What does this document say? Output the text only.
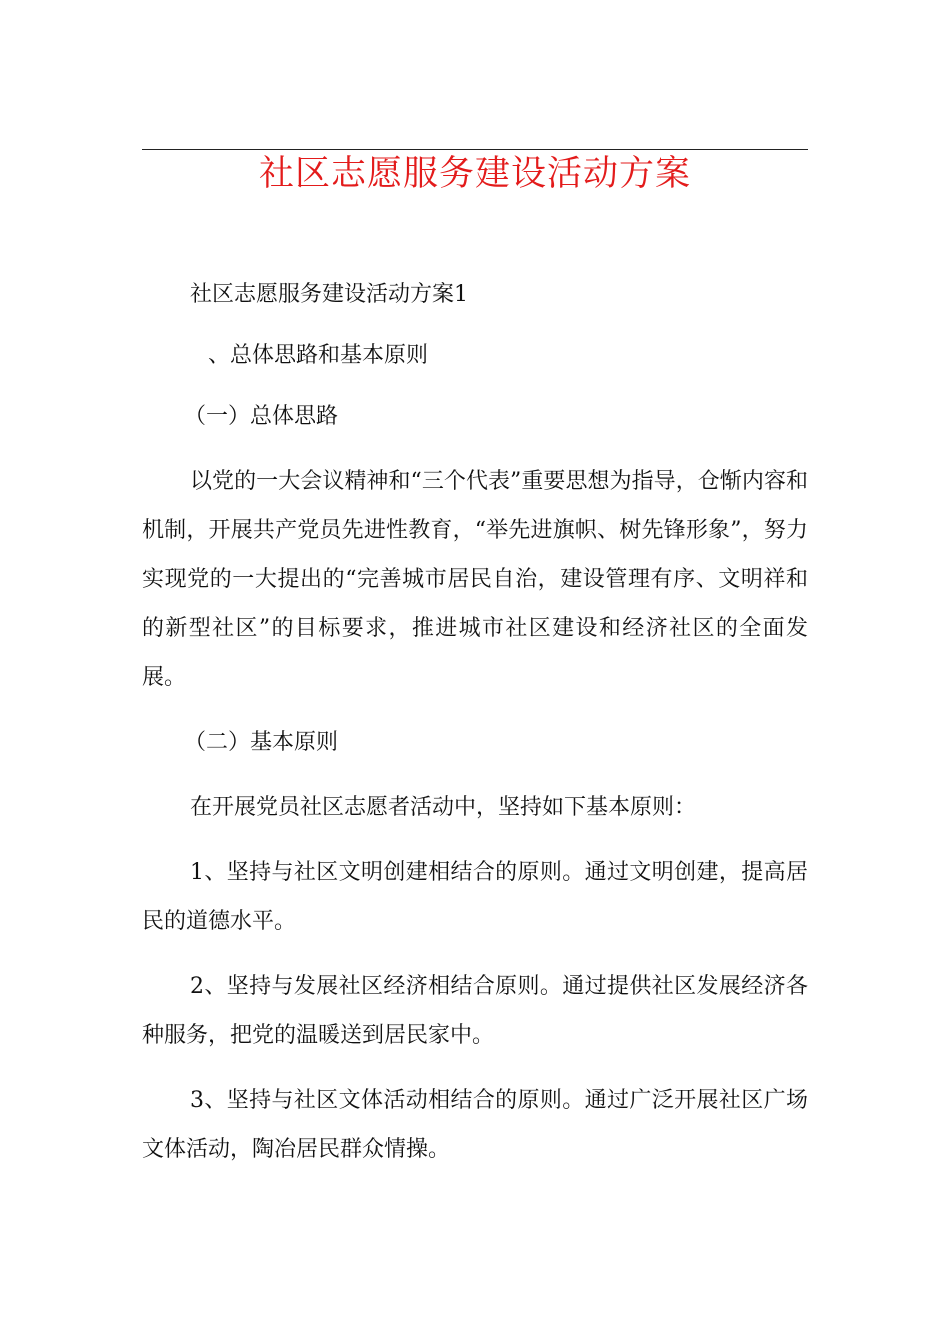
社区志愿服务建设活动方案

社区志愿服务建设活动方案1

、总体思路和基本原则

（一）总体思路

以党的一大会议精神和“三个代表”重要思想为指导，仓惭内容和机制，开展共产党员先进性教育，“举先进旗帜、树先锋形象”，努力实现党的一大提出的“完善城市居民自治，建设管理有序、文明祥和的新型社区”的目标要求，推进城市社区建设和经济社区的全面发展。

（二）基本原则

在开展党员社区志愿者活动中，坚持如下基本原则：

1、坚持与社区文明创建相结合的原则。通过文明创建，提高居民的道德水平。

2、坚持与发展社区经济相结合原则。通过提供社区发展经济各种服务，把党的温暖送到居民家中。

3、坚持与社区文体活动相结合的原则。通过广泛开展社区广场文体活动，陶冶居民群众情操。
